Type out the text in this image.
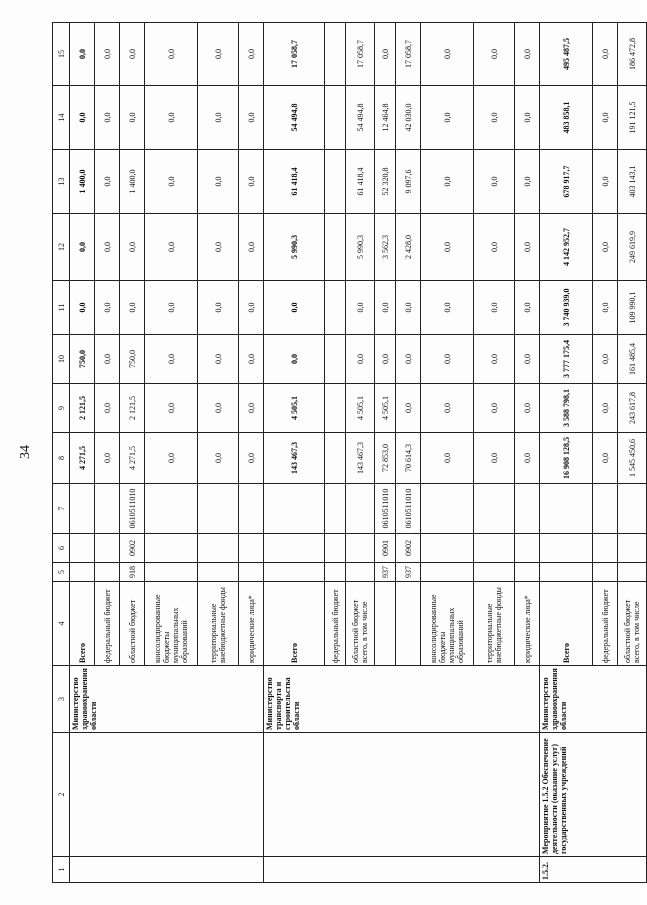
34
1	2	3	4	5	6	7	8	9	10	11	12	13	14	15
		Министерство здравоохранения области	Всего				4 271,5	2 121,5	750,0	0,0	0,0	1 400,0	0,0	0,0
			федеральный бюджет				0,0	0,0	0,0	0,0	0,0	0,0	0,0	0,0
			областной бюджет	918	0902	0610511010	4 271,5	2 121,5	750,0	0,0	0,0	1 400,0	0,0	0,0
			консолидированные бюджеты муниципальных образований				0,0	0,0	0,0	0,0	0,0	0,0	0,0	0,0
			территориальные внебюджетные фонды				0,0	0,0	0,0	0,0	0,0	0,0	0,0	0,0
			юридические лица*				0,0	0,0	0,0	0,0	0,0	0,0	0,0	0,0
		Министерство транспорта и строительства области	Всего				143 467,3	4 505,1	0,0	0,0	5 990,3	61 418,4	54 494,8	17 058,7
			федеральный бюджет											
			областной бюджет всего, в том числе				143 467,3	4 505,1	0,0	0,0	5 990,3	61 418,4	54 494,8	17 058,7
				937	0901	0610511010	72 853,0	4 505,1	0,0	0,0	3 562,3	52 320,8	12 464,8	0,0
				937	0902	0610511010	70 614,3	0,0	0,0	0,0	2 428,0	9 097,6	42 030,0	17 058,7
			консолидированные бюджеты муниципальных образований				0,0	0,0	0,0	0,0	0,0	0,0	0,0	0,0
			территориальные внебюджетные фонды				0,0	0,0	0,0	0,0	0,0	0,0	0,0	0,0
			юридические лица*				0,0	0,0	0,0	0,0	0,0	0,0	0,0	0,0
1.5.2.	Мероприятие 1.5.2 Обеспечение деятельности (оказание услуг) государственных учреждений	Министерство здравоохранения области	Всего				16 908 128,5	3 588 798,1	3 777 175,4	3 740 939,0	4 142 952,7	678 917,7	483 858,1	495 487,5
			федеральный бюджет				0,0	0,0	0,0	0,0	0,0	0,0	0,0	0,0
			областной бюджет всего, в том числе				1 545 450,6	243 617,8	161 485,4	109 990,1	249 619,9	403 143,1	191 121,5	186 472,8
